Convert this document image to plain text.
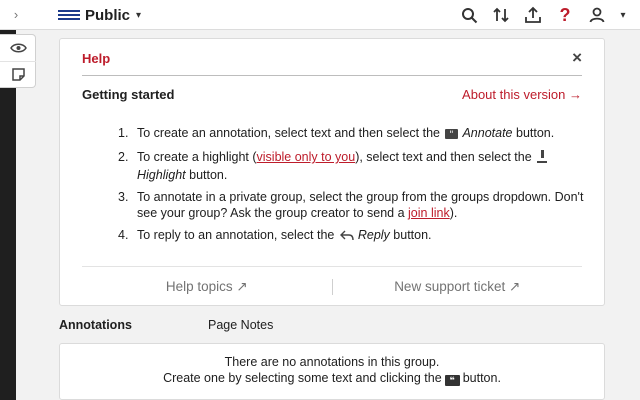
›	Public ▾	?	▾
Help	×
Getting started	About this version →
1. To create an annotation, select text and then select the " Annotate button.
2. To create a highlight (visible only to you), select text and then select the Highlight button.
3. To annotate in a private group, select the group from the groups dropdown. Don't see your group? Ask the group creator to send a join link).
4. To reply to an annotation, select the Reply button.
Help topics ↗	New support ticket ↗
Annotations	Page Notes
There are no annotations in this group.
Create one by selecting some text and clicking the ❝ button.
